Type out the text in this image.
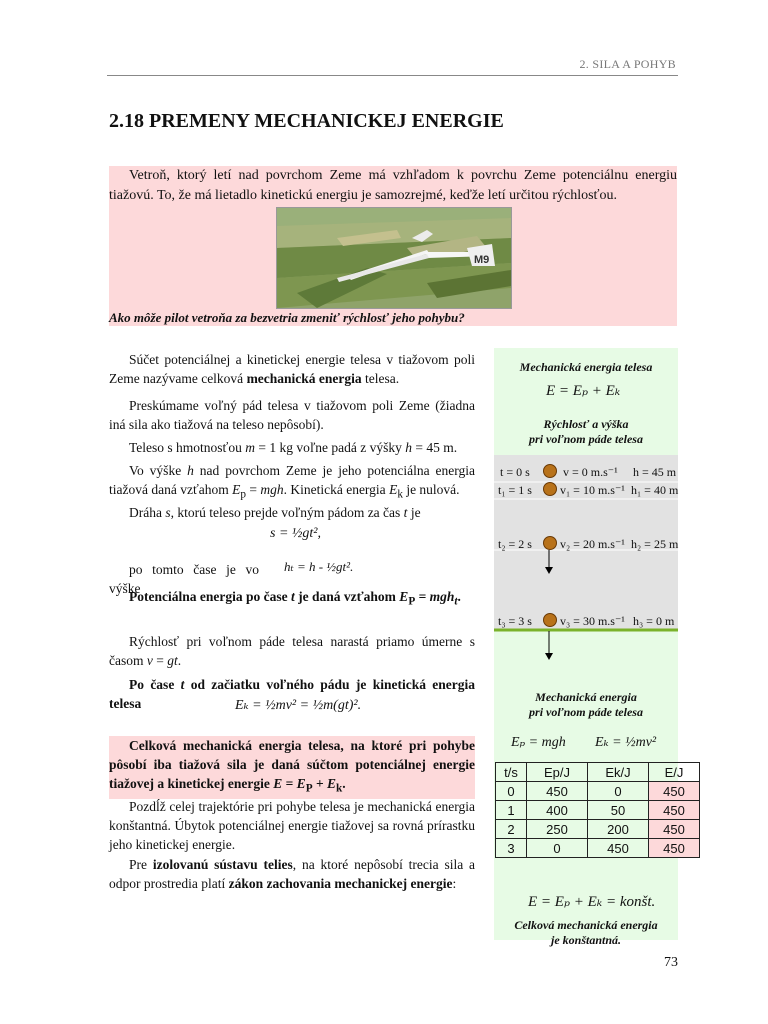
2. SILA A POHYB
2.18 PREMENY MECHANICKEJ ENERGIE

Vetroň, ktorý letí nad povrchom Zeme má vzhľadom k povrchu Zeme potenciálnu energiu tiažovú. To, že má lietadlo kinetickú energiu je samozrejmé, keďže letí určitou rýchlosťou.

M9
Ako môže pilot vetroňa za bezvetria zmeniť rýchlosť jeho pohybu?

Súčet potenciálnej a kinetickej energie telesa v tiažovom poli Zeme nazývame celková mechanická energia telesa.

Preskúmame voľný pád telesa v tiažovom poli Zeme (žiadna iná sila ako tiažová na teleso nepôsobí).

Teleso s hmotnosťou m = 1 kg voľne padá z výšky h = 45 m.

Vo výške h nad povrchom Zeme je jeho potenciálna energia tiažová daná vzťahom $E_p$ = mgh. Kinetická energia $E_k$ je nulová.

Dráha s, ktorú teleso prejde voľným pádom za čas t je

s = ½gt²,

po tomto čase je vo výške

hₜ = h - ½gt².

Potenciálna energia po čase t je daná vzťahom $E_P = mgh_t$.

Rýchlosť pri voľnom páde telesa narastá priamo úmerne s časom v = gt.

Po čase t od začiatku voľného pádu je kinetická energia telesa	Eₖ = ½mv² = ½m(gt)².

Celková mechanická energia telesa, na ktoré pri pohybe pôsobí iba tiažová sila je daná súčtom potenciálnej energie tiažovej a kinetickej energie $E = E_P + E_k$.

Pozdĺž celej trajektórie pri pohybe telesa je mechanická energia konštantná. Úbytok potenciálnej energie tiažovej sa rovná prírastku jeho kinetickej energie.

Pre izolovanú sústavu telies, na ktoré nepôsobí trecia sila a odpor prostredia platí zákon zachovania mechanickej energie:

Mechanická energia telesa
E = Eₚ + Eₖ
Rýchlosť a výška
pri voľnom páde telesa
t = 0 s	v = 0 m.s⁻¹ h = 45 m
t₁ = 1 s v₁ = 10 m.s⁻¹ h₁ = 40 m
t₂ = 2 s v₂ = 20 m.s⁻¹ h₂ = 25 m
t₃ = 3 s v₃ = 30 m.s⁻¹ h₃ = 0 m
Mechanická energia
pri voľnom páde telesa
Eₚ = mgh Eₖ = ½mv²
t/s	Ep/J	Ek/J	E/J
0	450	0	450
1	400	50	450
2	250	200	450
3	0	450	450
E = Eₚ + Eₖ = konšt.
Celková mechanická energia
je konštantná.
73
